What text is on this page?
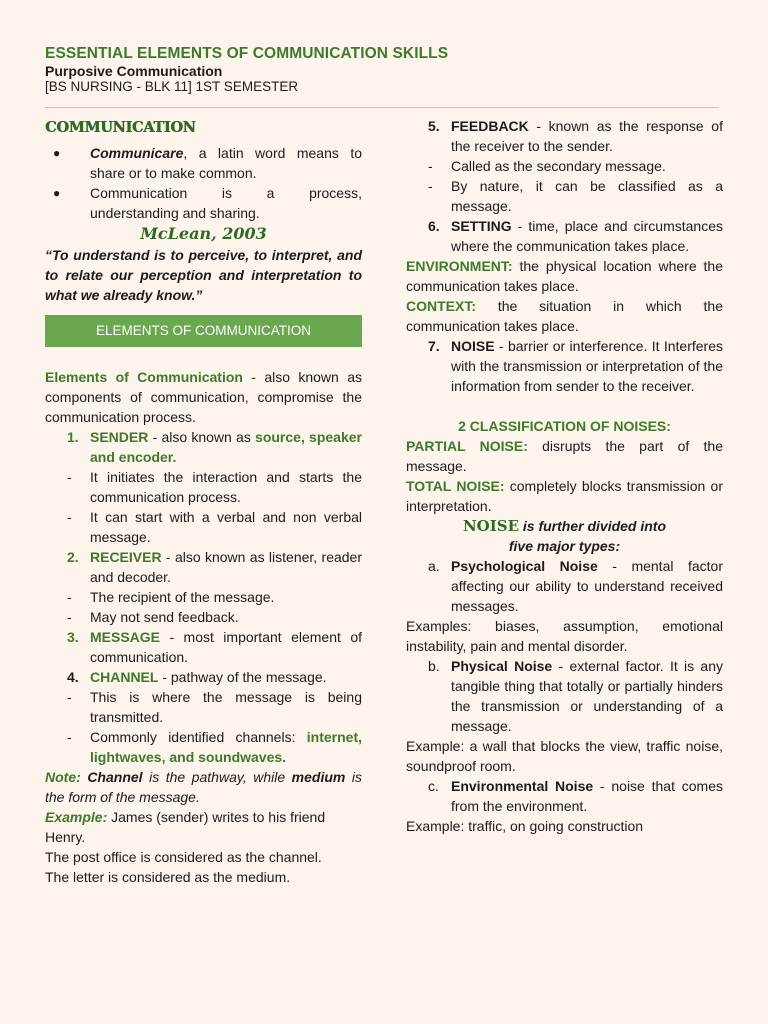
ESSENTIAL ELEMENTS OF COMMUNICATION SKILLS
Purposive Communication
[BS NURSING - BLK 11] 1ST SEMESTER
COMMUNICATION
● Communicare, a latin word means to share or to make common.
● Communication is a process, understanding and sharing.
McLean, 2003

“To understand is to perceive, to interpret, and to relate our perception and interpretation to what we already know.”

ELEMENTS OF COMMUNICATION

Elements of Communication - also known as components of communication, compromise the communication process.

1. SENDER - also known as source, speaker and encoder.
- It initiates the interaction and starts the communication process.
- It can start with a verbal and non verbal message.
2. RECEIVER - also known as listener, reader and decoder.
- The recipient of the message.
- May not send feedback.
3. MESSAGE - most important element of communication.
4. CHANNEL - pathway of the message.
- This is where the message is being transmitted.
- Commonly identified channels: internet, lightwaves, and soundwaves.

Note: Channel is the pathway, while medium is the form of the message.

Example: James (sender) writes to his friend Henry.

The post office is considered as the channel.

The letter is considered as the medium.

5. FEEDBACK - known as the response of the receiver to the sender.
- Called as the secondary message.
- By nature, it can be classified as a message.
6. SETTING - time, place and circumstances where the communication takes place.

ENVIRONMENT: the physical location where the communication takes place.

CONTEXT: the situation in which the communication takes place.

7. NOISE - barrier or interference. It Interferes with the transmission or interpretation of the information from sender to the receiver.
2 CLASSIFICATION OF NOISES:

PARTIAL NOISE: disrupts the part of the message.

TOTAL NOISE: completely blocks transmission or interpretation.

NOISE is further divided into
five major types:
a. Psychological Noise - mental factor affecting our ability to understand received messages.

Examples: biases, assumption, emotional instability, pain and mental disorder.

b. Physical Noise - external factor. It is any tangible thing that totally or partially hinders the transmission or understanding of a message.

Example: a wall that blocks the view, traffic noise, soundproof room.

c. Environmental Noise - noise that comes from the environment.

Example: traffic, on going construction
